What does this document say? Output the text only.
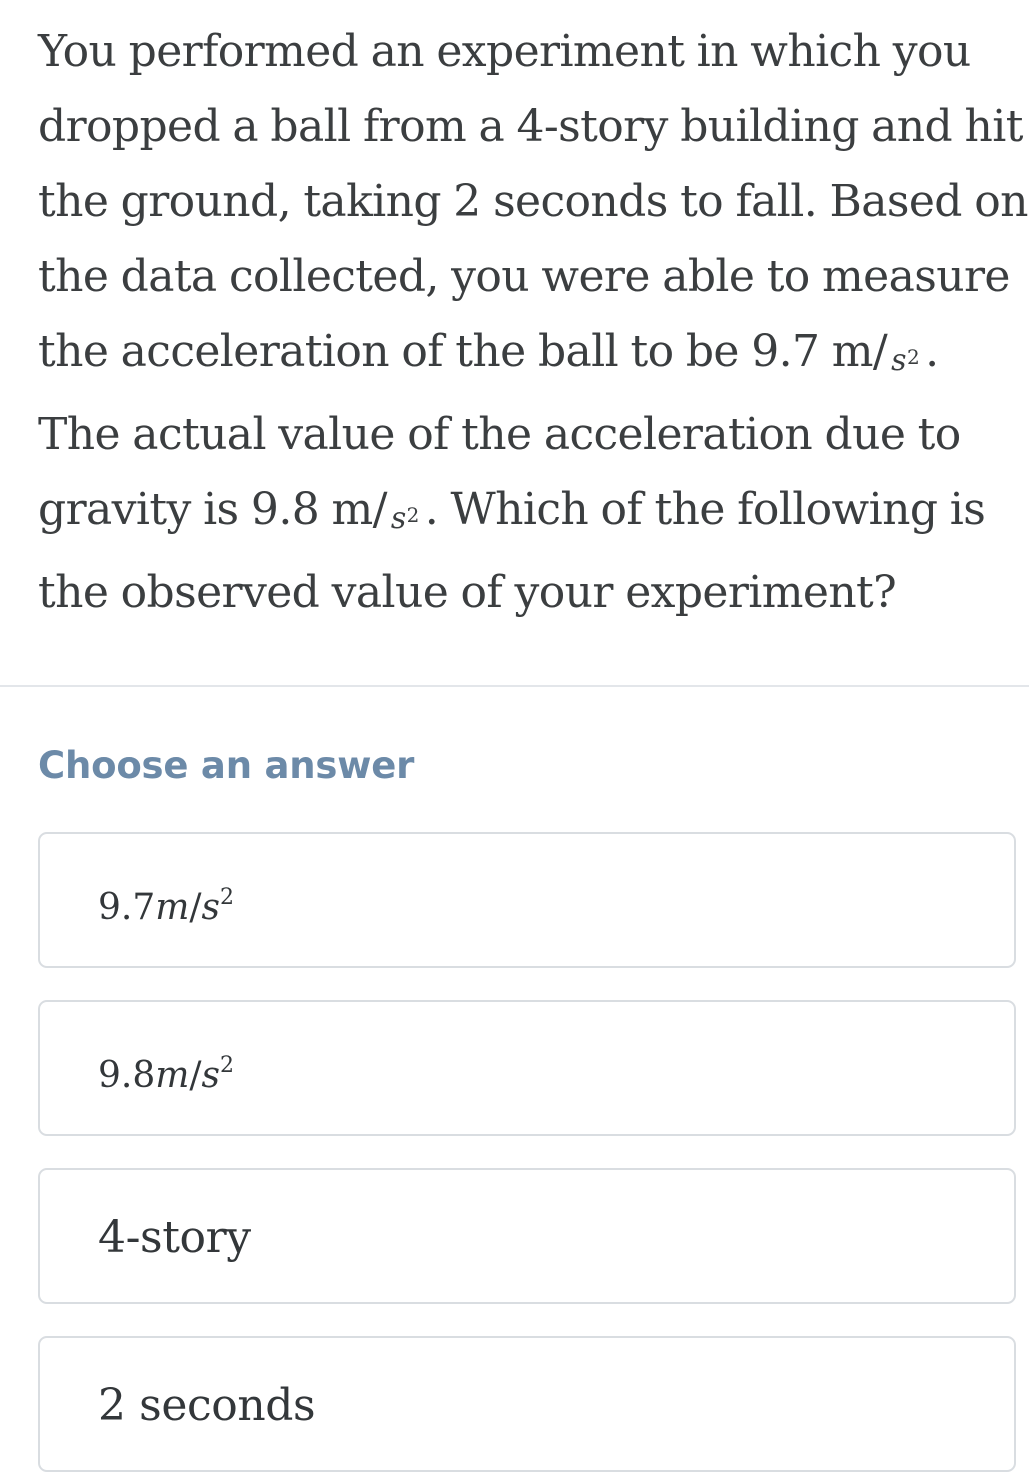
You performed an experiment in which you
dropped a ball from a 4-story building and hit
the ground, taking 2 seconds to fall. Based on
the data collected, you were able to measure
the acceleration of the ball to be 9.7 m/ $s^2$ .
The actual value of the acceleration due to
gravity is 9.8 m/ $s^2$ . Which of the following is
the observed value of your experiment?
Choose an answer
$9.7m/s^2$
$9.8m/s^2$
4-story
2 seconds
